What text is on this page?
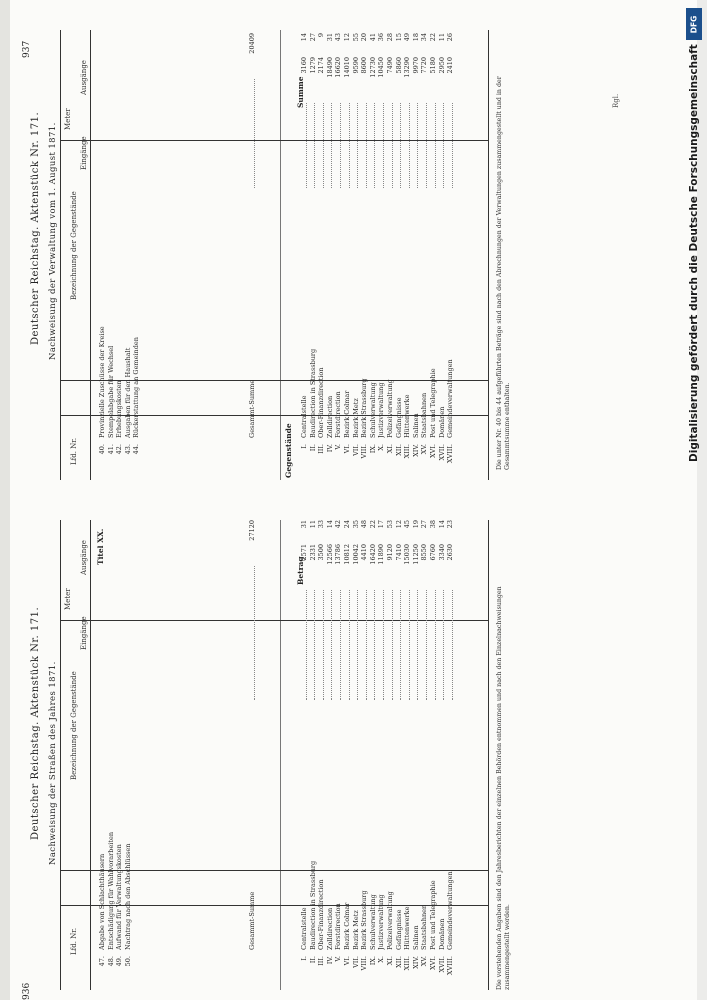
936
Deutscher Reichstag. Aktenstück Nr. 171. Nachweisung der Straßen des Jahres 1871.
Lfd. Nr.
Bezeichnung der Gegenstände
Meter
Eingänge
Ausgänge Titel XX.
Betrag
47.
Abgabe von Schlachthäusern
48.
Entschädigung für Wahlvorarbeiten
49.
Aufwand für Verwaltungskosten
50.
Nachtrag nach den Abschlüssen	Gesammt-Summe
27120
I.
Centralstelle
2571
31
II.
Baudirection in Strassburg
2331
11
III.
Ober-Finanzdirection
3500
33
IV.
Zolldirection
12566
14
V.
Forstdirection
13786
42
VI.
Bezirk Colmar
10812
24
VII.
Bezirk Metz
10042
35
VIII.
Bezirk Strassburg
4410
48
IX.
Schulverwaltung
16420
22
X.
Justizverwaltung
11890
17
XI.
Polizeiverwaltung
9120
53
XII.
Gefängnisse
7410
12
XIII.
Hüttenwerke
15030
45
XIV.
Salinen
11250
19
XV.
Staatsbahnen
8550
27
XVI.
Post und Telegraphie
6760
38
XVII.
Domänen
3340
14
XVIII.
Gemeindeverwaltungen
2630
23
Die vorstehenden Angaben sind den Jahresberichten der einzelnen Behörden entnommen und nach den Einzelnachweisungen zusammengestellt worden.
937
Deutscher Reichstag. Aktenstück Nr. 171. Nachweisung der Verwaltung vom 1. August 1871.
Lfd. Nr.
Bezeichnung der Gegenstände
Meter
Eingänge
Ausgänge
Gegenstände
Summe
40.
Provinzielle Zuschüsse der Kreise
41.
Stempelabgabe für Wechsel
42.
Erhebungskosten
43.
Ausgaben für den Haushalt
44.
Rückerstattung an Gemeinden	Gesammt-Summe
20409
I.
Centralstelle
3160
14
II.
Baudirection in Strassburg
1279
27
III.
Ober-Finanzdirection
2174
9
IV.
Zolldirection
18490
31
V.
Forstdirection
16620
43
VI.
Bezirk Colmar
14010
12
VII.
Bezirk Metz
9590
55
VIII.
Bezirk Strassburg
8600
20
IX.
Schulverwaltung
12730
41
X.
Justizverwaltung
10450
36
XI.
Polizeiverwaltung
7490
28
XII.
Gefängnisse
5860
15
XIII.
Hüttenwerke
13290
49
XIV.
Salinen
9970
18
XV.
Staatsbahnen
7720
34
XVI.
Post und Telegraphie
5180
22
XVII.
Domänen
2950
11
XVIII.
Gemeindeverwaltungen
2410
26
Die unter Nr. 40 bis 44 aufgeführten Beträge sind nach den Abrechnungen der Verwaltungen zusammengestellt und in der Gesammtsumme enthalten.
Rgl.
DFG
Digitalisierung gefördert durch die Deutsche Forschungsgemeinschaft
